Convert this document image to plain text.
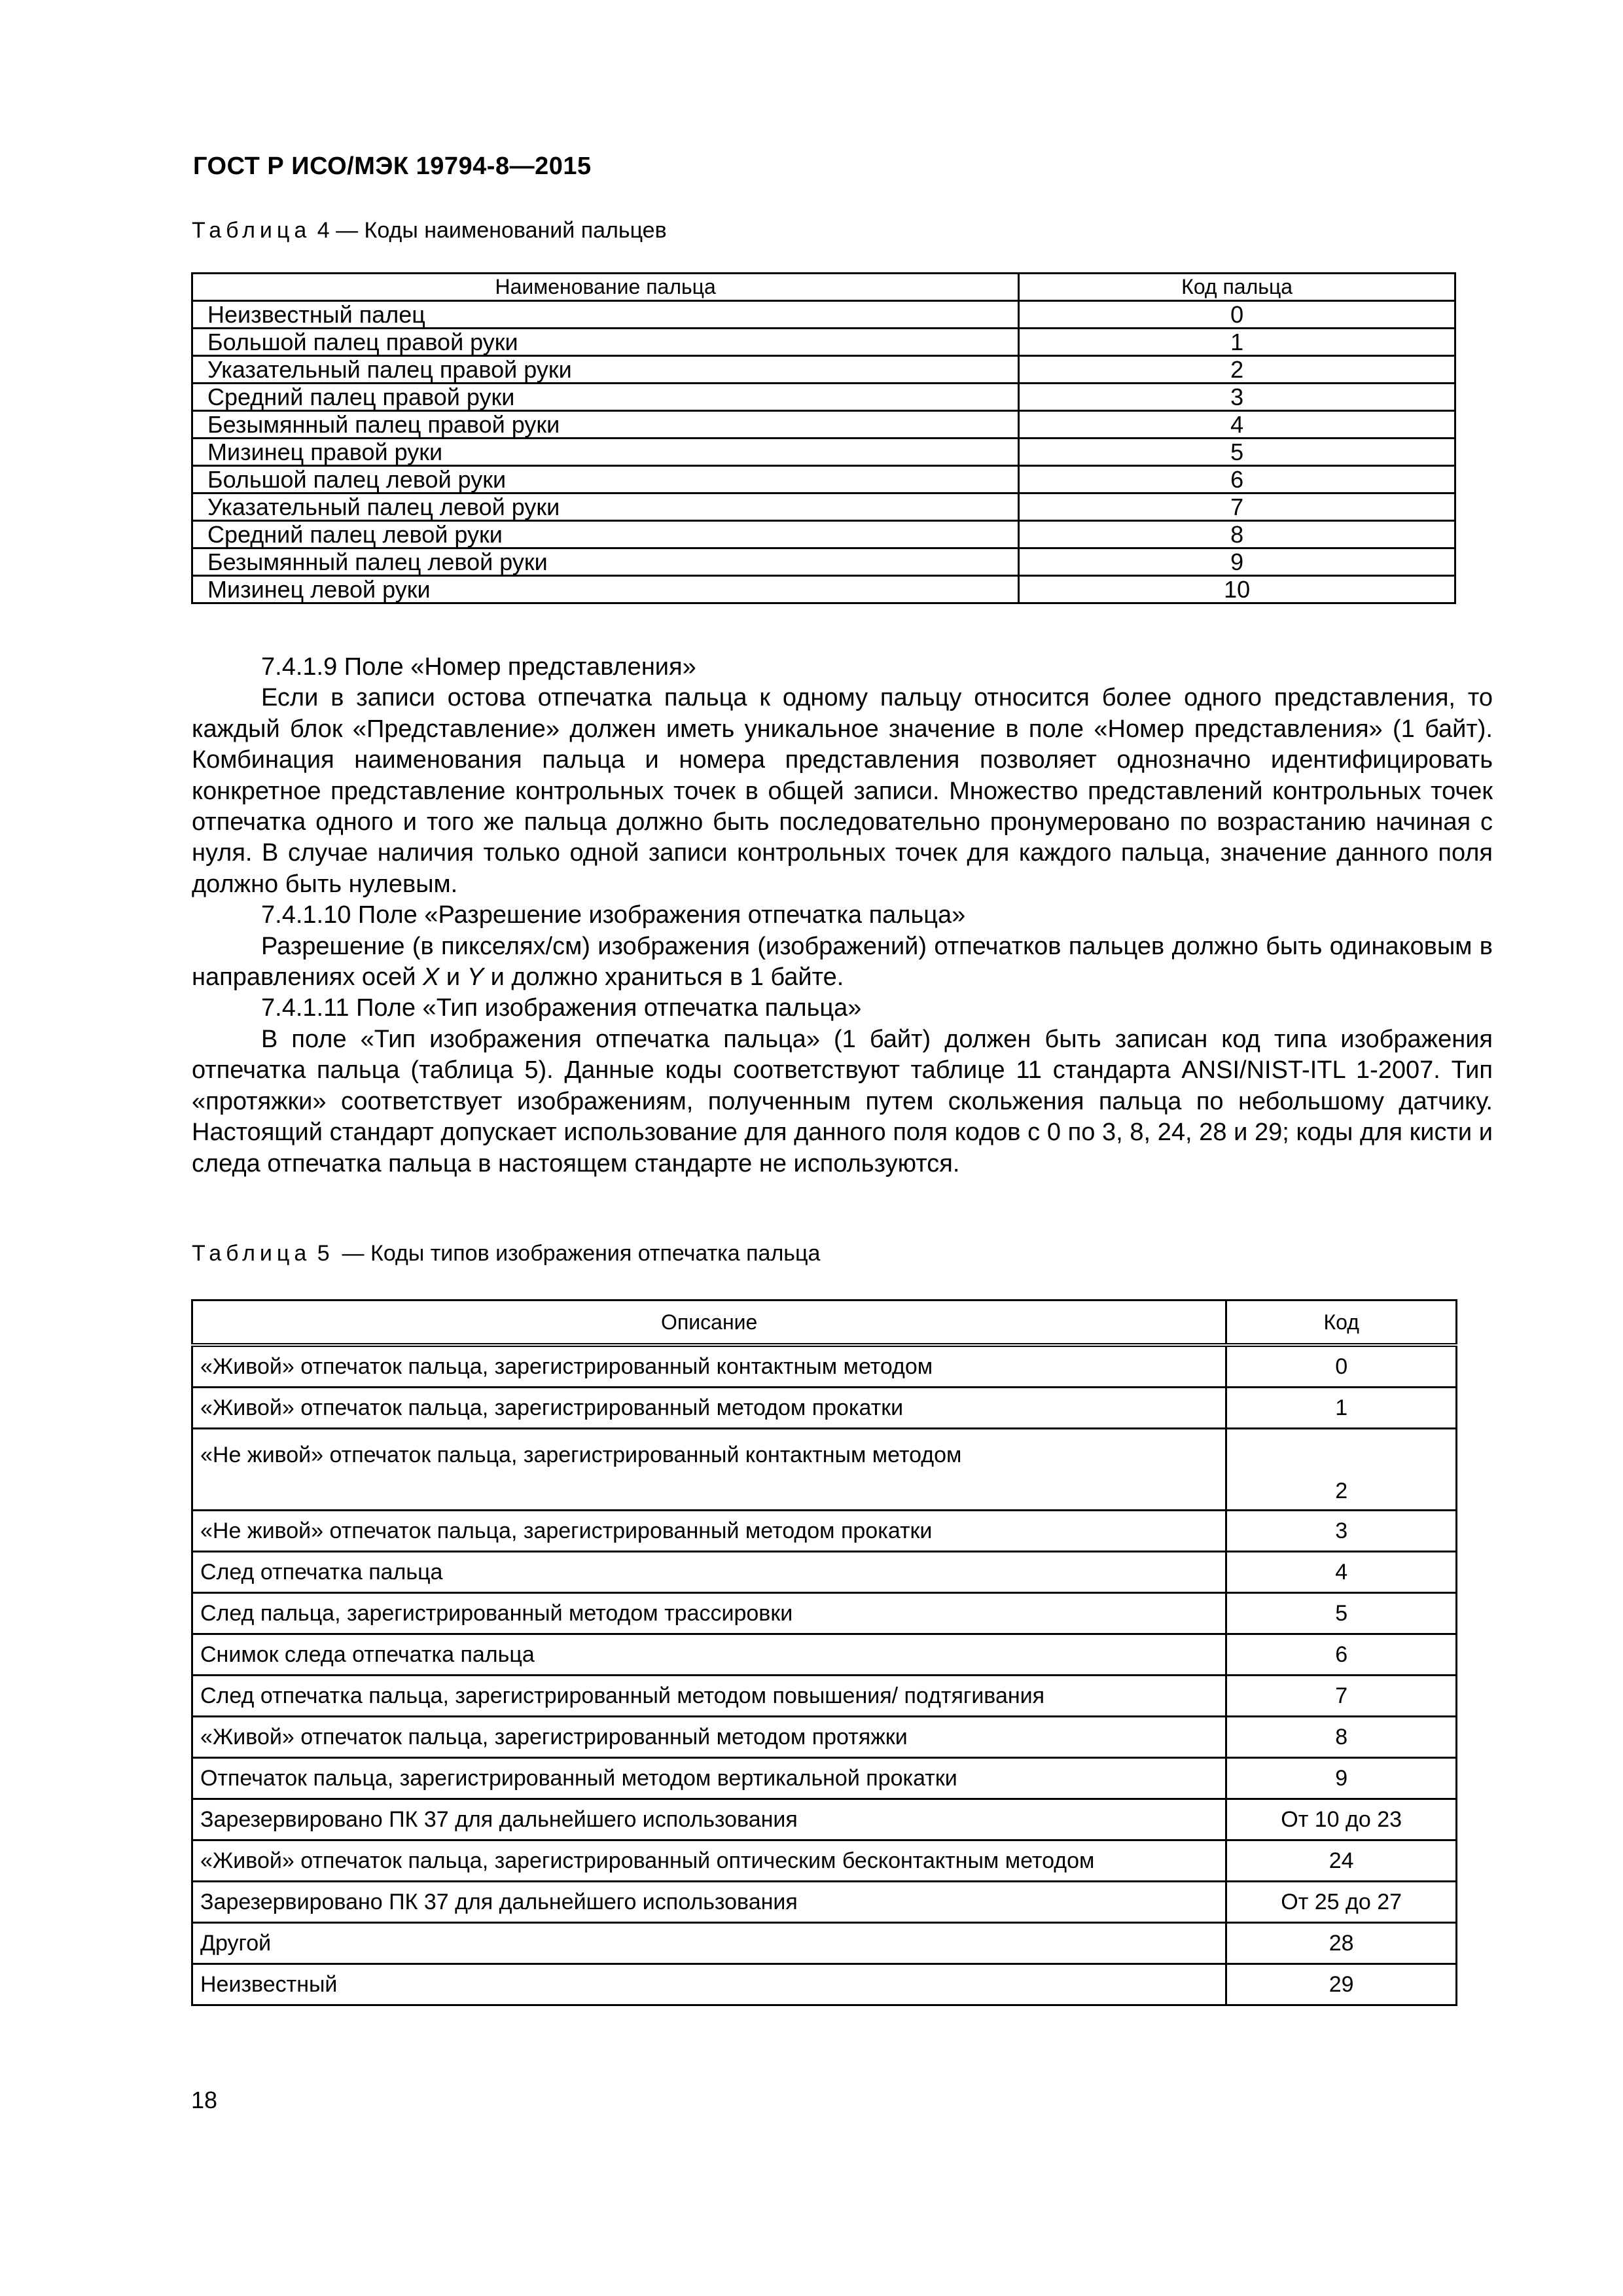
ГОСТ Р ИСО/МЭК 19794-8—2015
Таблица 4 — Коды наименований пальцев
Наименование пальца	Код пальца
Неизвестный палец	0
Большой палец правой руки	1
Указательный палец правой руки	2
Средний палец правой руки	3
Безымянный палец правой руки	4
Мизинец правой руки	5
Большой палец левой руки	6
Указательный палец левой руки	7
Средний палец левой руки	8
Безымянный палец левой руки	9
Мизинец левой руки	10

7.4.1.9 Поле «Номер представления»

Если в записи остова отпечатка пальца к одному пальцу относится более одного представления, то каждый блок «Представление» должен иметь уникальное значение в поле «Номер представления» (1 байт). Комбинация наименования пальца и номера представления позволяет однозначно идентифицировать конкретное представление контрольных точек в общей записи. Множество представлений контрольных точек отпечатка одного и того же пальца должно быть последовательно пронумеровано по возрастанию начиная с нуля. В случае наличия только одной записи контрольных точек для каждого пальца, значение данного поля должно быть нулевым.

7.4.1.10 Поле «Разрешение изображения отпечатка пальца»

Разрешение (в пикселях/см) изображения (изображений) отпечатков пальцев должно быть одинаковым в направлениях осей X и Y и должно храниться в 1 байте.

7.4.1.11 Поле «Тип изображения отпечатка пальца»

В поле «Тип изображения отпечатка пальца» (1 байт) должен быть записан код типа изображения отпечатка пальца (таблица 5). Данные коды соответствуют таблице 11 стандарта ANSI/NIST-ITL 1-2007. Тип «протяжки» соответствует изображениям, полученным путем скольжения пальца по небольшому датчику. Настоящий стандарт допускает использование для данного поля кодов с 0 по 3, 8, 24, 28 и 29; коды для кисти и следа отпечатка пальца в настоящем стандарте не используются.

Таблица 5  — Коды типов изображения отпечатка пальца
Описание	Код
«Живой» отпечаток пальца, зарегистрированный контактным методом	0
«Живой» отпечаток пальца, зарегистрированный методом прокатки	1
«Не живой» отпечаток пальца, зарегистрированный контактным методом	2
«Не живой» отпечаток пальца, зарегистрированный методом прокатки	3
След отпечатка пальца	4
След пальца, зарегистрированный методом трассировки	5
Снимок следа отпечатка пальца	6
След отпечатка пальца, зарегистрированный методом повышения/ подтягивания	7
«Живой» отпечаток пальца, зарегистрированный методом протяжки	8
Отпечаток пальца, зарегистрированный методом вертикальной прокатки	9
Зарезервировано ПК 37 для дальнейшего использования	От 10 до 23
«Живой» отпечаток пальца, зарегистрированный оптическим бесконтактным методом	24
Зарезервировано ПК 37 для дальнейшего использования	От 25 до 27
Другой	28
Неизвестный	29
18
